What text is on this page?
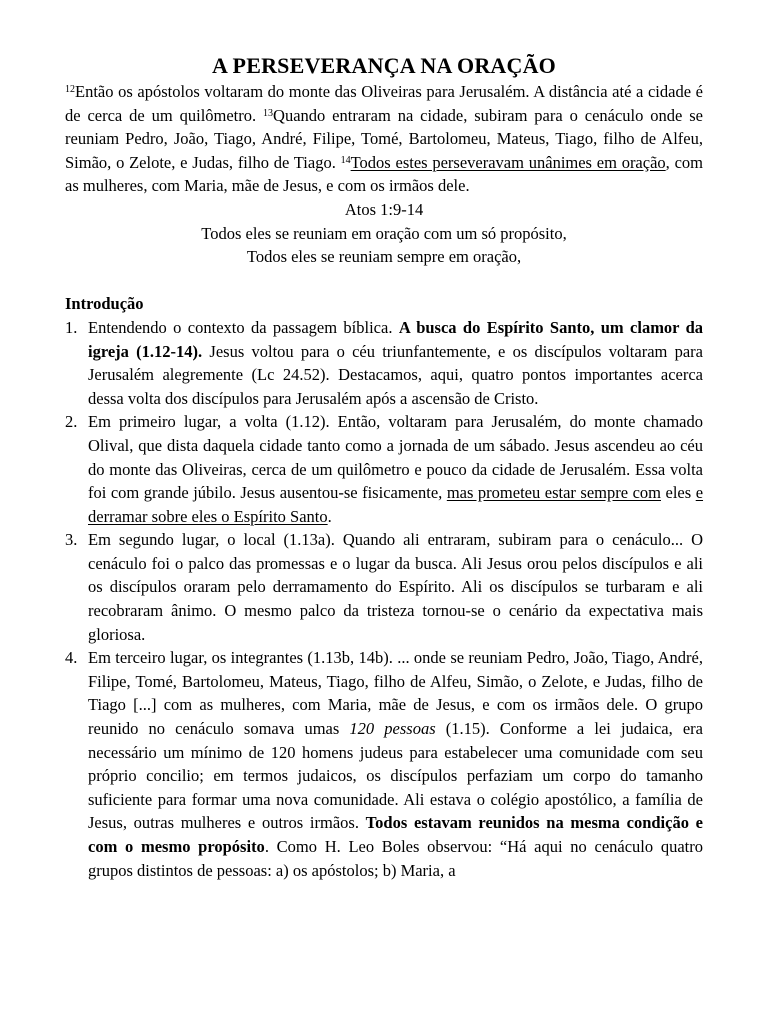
A PERSEVERANÇA NA ORAÇÃO

$^{12}$Então os apóstolos voltaram do monte das Oliveiras para Jerusalém. A distância até a cidade é de cerca de um quilômetro. $^{13}$Quando entraram na cidade, subiram para o cenáculo onde se reuniam Pedro, João, Tiago, André, Filipe, Tomé, Bartolomeu, Mateus, Tiago, filho de Alfeu, Simão, o Zelote, e Judas, filho de Tiago. $^{14}$Todos estes perseveravam unânimes em oração, com as mulheres, com Maria, mãe de Jesus, e com os irmãos dele.

Atos 1:9-14

Todos eles se reuniam em oração com um só propósito,

Todos eles se reuniam sempre em oração,

Introdução

1. Entendendo o contexto da passagem bíblica. A busca do Espírito Santo, um clamor da igreja (1.12-14). Jesus voltou para o céu triunfantemente, e os discípulos voltaram para Jerusalém alegremente (Lc 24.52). Destacamos, aqui, quatro pontos importantes acerca dessa volta dos discípulos para Jerusalém após a ascensão de Cristo.
2. Em primeiro lugar, a volta (1.12). Então, voltaram para Jerusalém, do monte chamado Olival, que dista daquela cidade tanto como a jornada de um sábado. Jesus ascendeu ao céu do monte das Oliveiras, cerca de um quilômetro e pouco da cidade de Jerusalém. Essa volta foi com grande júbilo. Jesus ausentou-se fisicamente, mas prometeu estar sempre com eles e derramar sobre eles o Espírito Santo.
3. Em segundo lugar, o local (1.13a). Quando ali entraram, subiram para o cenáculo... O cenáculo foi o palco das promessas e o lugar da busca. Ali Jesus orou pelos discípulos e ali os discípulos oraram pelo derramamento do Espírito. Ali os discípulos se turbaram e ali recobraram ânimo. O mesmo palco da tristeza tornou-se o cenário da expectativa mais gloriosa.
4. Em terceiro lugar, os integrantes (1.13b, 14b). ... onde se reuniam Pedro, João, Tiago, André, Filipe, Tomé, Bartolomeu, Mateus, Tiago, filho de Alfeu, Simão, o Zelote, e Judas, filho de Tiago [...] com as mulheres, com Maria, mãe de Jesus, e com os irmãos dele. O grupo reunido no cenáculo somava umas 120 pessoas (1.15). Conforme a lei judaica, era necessário um mínimo de 120 homens judeus para estabelecer uma comunidade com seu próprio concilio; em termos judaicos, os discípulos perfaziam um corpo do tamanho suficiente para formar uma nova comunidade. Ali estava o colégio apostólico, a família de Jesus, outras mulheres e outros irmãos. Todos estavam reunidos na mesma condição e com o mesmo propósito. Como H. Leo Boles observou: “Há aqui no cenáculo quatro grupos distintos de pessoas: a) os apóstolos; b) Maria, a
